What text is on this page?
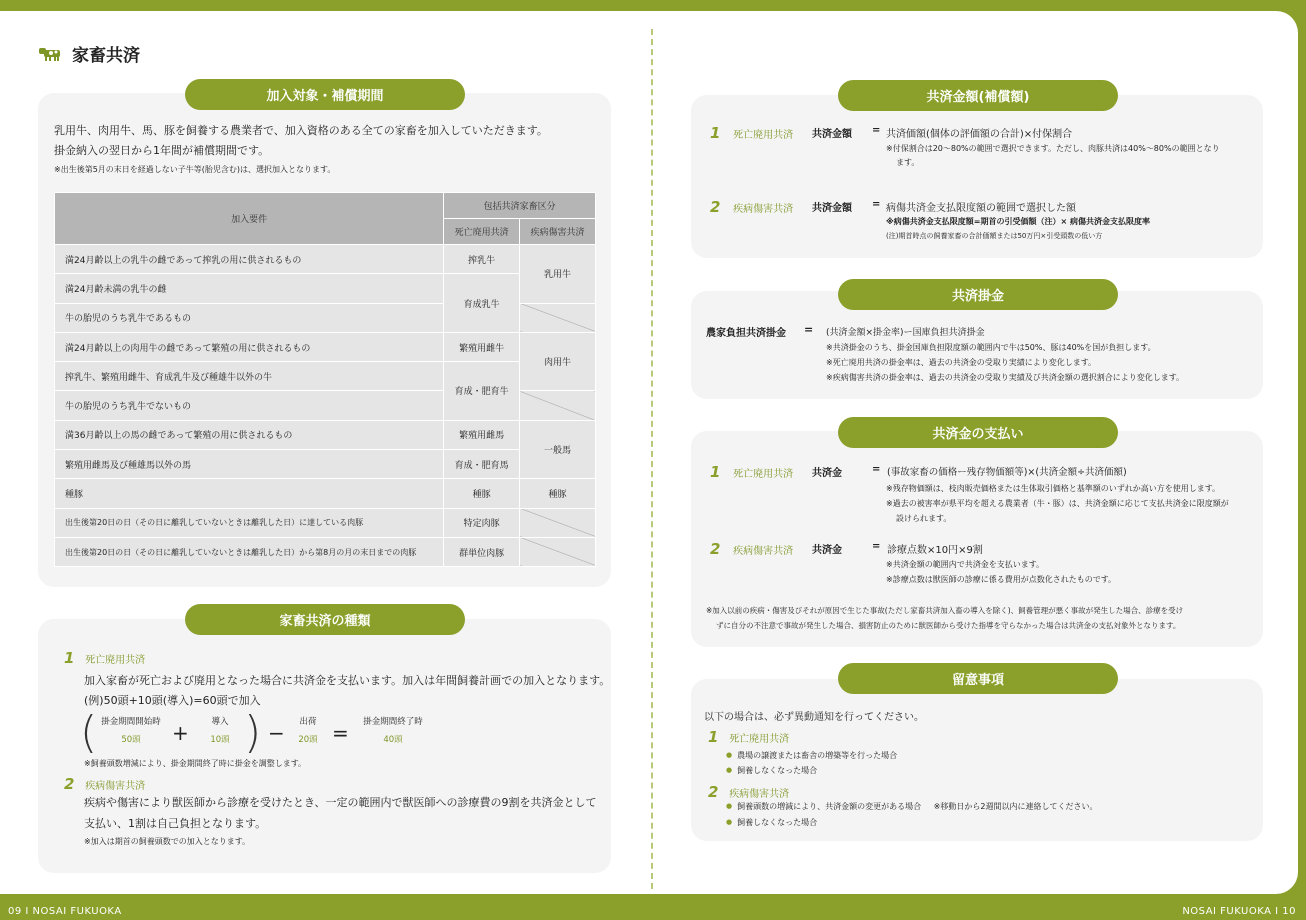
家畜共済
加入対象・補償期間
乳用牛、肉用牛、馬、豚を飼養する農業者で、加入資格のある全ての家畜を加入していただきます。
掛金納入の翌日から1年間が補償期間です。
※出生後第5月の末日を経過しない子牛等(胎児含む)は、選択加入となります。
加入要件	包括共済家畜区分	
	死亡廃用共済	疾病傷害共済
満24月齢以上の乳牛の雌であって搾乳の用に供されるもの	搾乳牛	乳用牛
満24月齢未満の乳牛の雌	育成乳牛	
牛の胎児のうち乳牛であるもの		
満24月齢以上の肉用牛の雌であって繁殖の用に供されるもの	繁殖用雌牛	肉用牛
搾乳牛、繁殖用雌牛、育成乳牛及び種雄牛以外の牛	育成・肥育牛	
牛の胎児のうち乳牛でないもの		
満36月齢以上の馬の雌であって繁殖の用に供されるもの	繁殖用雌馬	一般馬
繁殖用雌馬及び種雄馬以外の馬	育成・肥育馬	
種豚	種豚	種豚
出生後第20日の日（その日に離乳していないときは離乳した日）に達している肉豚	特定肉豚	
出生後第20日の日（その日に離乳していないときは離乳した日）から第8月の月の末日までの肉豚	群単位肉豚	
家畜共済の種類
1 死亡廃用共済
加入家畜が死亡および廃用となった場合に共済金を支払います。加入は年間飼養計画での加入となります。
(例)50頭+10頭(導入)=60頭で加入
( 掛金期間開始時
50頭	+	導入
10頭 ) −	出荷
20頭 =	掛金期間終了時
40頭
※飼養頭数増減により、掛金期間終了時に掛金を調整します。
2 疾病傷害共済
疾病や傷害により獣医師から診療を受けたとき、一定の範囲内で獣医師への診療費の9割を共済金として
支払い、1割は自己負担となります。
※加入は期首の飼養頭数での加入となります。
共済金額(補償額)
1 死亡廃用共済 共済金額 = 共済価額(個体の評価額の合計)×付保割合
※付保割合は20〜80%の範囲で選択できます。ただし、肉豚共済は40%〜80%の範囲となり
ます。
2 疾病傷害共済 共済金額 = 病傷共済金支払限度額の範囲で選択した額
※病傷共済金支払限度額=期首の引受価額（注）× 病傷共済金支払限度率
(注)期首時点の飼養家畜の合計価額または50万円×引受頭数の低い方
共済掛金
農家負担共済掛金 = (共済金額×掛金率)ー国庫負担共済掛金
※共済掛金のうち、掛金国庫負担限度額の範囲内で牛は50%、豚は40%を国が負担します。
※死亡廃用共済の掛金率は、過去の共済金の受取り実績により変化します。
※疾病傷害共済の掛金率は、過去の共済金の受取り実績及び共済金額の選択割合により変化します。
共済金の支払い
1 死亡廃用共済 共済金	= (事故家畜の価格ー残存物価額等)×(共済金額÷共済価額)
※残存物価額は、枝肉販売価格または生体取引価格と基準額のいずれか高い方を使用します。
※過去の被害率が県平均を超える農業者（牛・豚）は、共済金額に応じて支払共済金に限度額が
設けられます。
2 疾病傷害共済 共済金	= 診療点数×10円×9割
※共済金額の範囲内で共済金を支払います。
※診療点数は獣医師の診療に係る費用が点数化されたものです。
※加入以前の疾病・傷害及びそれが原因で生じた事故(ただし家畜共済加入畜の導入を除く)、飼養管理が悪く事故が発生した場合、診療を受け
ずに自分の不注意で事故が発生した場合、損害防止のために獣医師から受けた指導を守らなかった場合は共済金の支払対象外となります。
留意事項
以下の場合は、必ず異動通知を行ってください。
1 死亡廃用共済
● 農場の譲渡または畜舎の増築等を行った場合
● 飼養しなくなった場合
2 疾病傷害共済
● 飼養頭数の増減により、共済金額の変更がある場合 ※移動日から2週間以内に連絡してください。
● 飼養しなくなった場合
09 I NOSAI FUKUOKA	NOSAI FUKUOKA I 10
